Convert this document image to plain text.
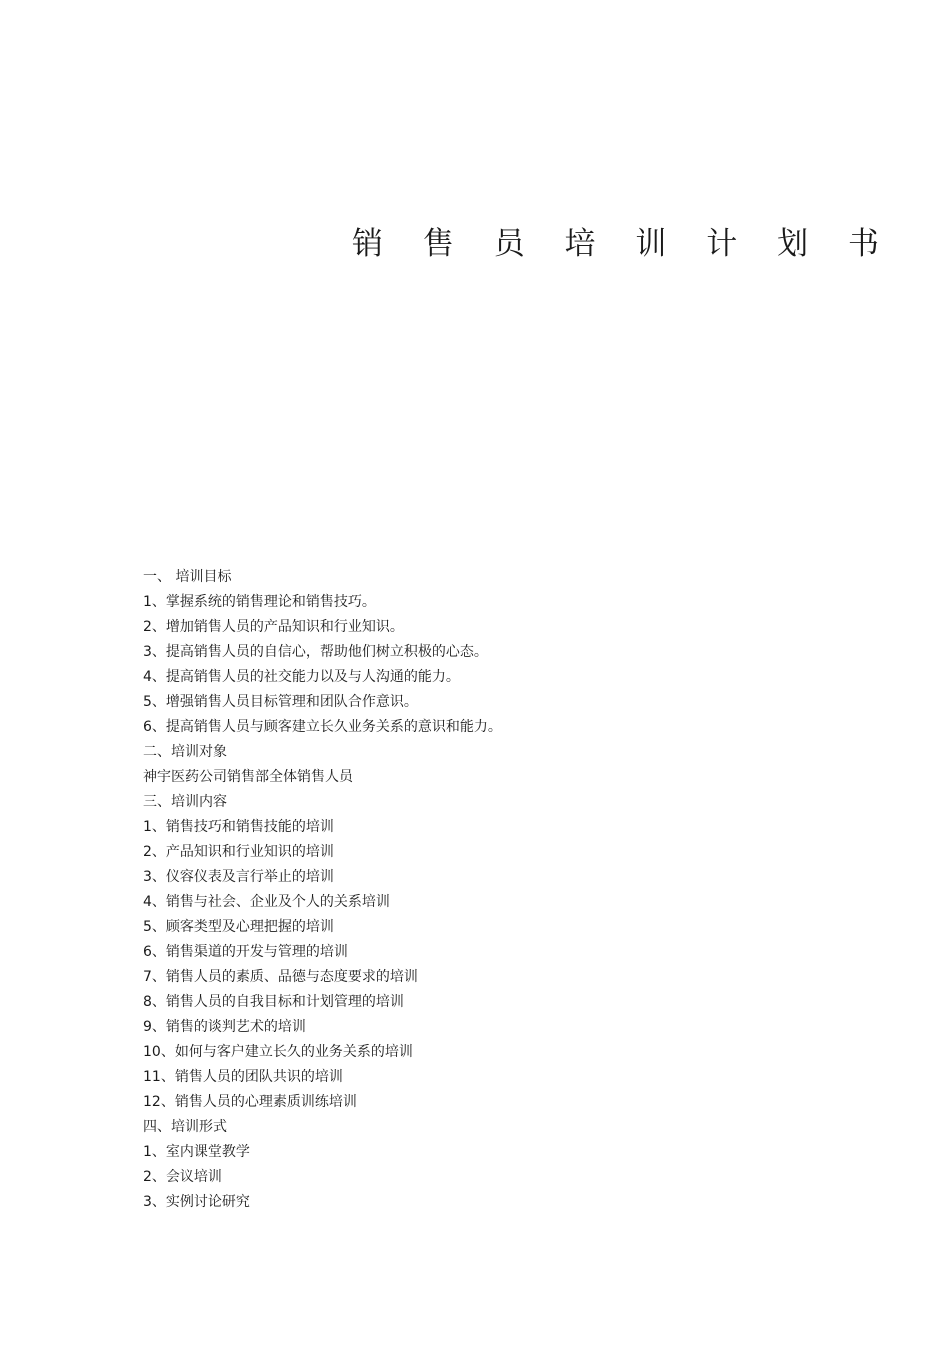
销 售 员 培 训 计 划 书
一、 培训目标
1、掌握系统的销售理论和销售技巧。
2、增加销售人员的产品知识和行业知识。
3、提高销售人员的自信心，帮助他们树立积极的心态。
4、提高销售人员的社交能力以及与人沟通的能力。
5、增强销售人员目标管理和团队合作意识。
6、提高销售人员与顾客建立长久业务关系的意识和能力。
二、培训对象
神宇医药公司销售部全体销售人员
三、培训内容
1、销售技巧和销售技能的培训
2、产品知识和行业知识的培训
3、仪容仪表及言行举止的培训
4、销售与社会、企业及个人的关系培训
5、顾客类型及心理把握的培训
6、销售渠道的开发与管理的培训
7、销售人员的素质、品德与态度要求的培训
8、销售人员的自我目标和计划管理的培训
9、销售的谈判艺术的培训
10、如何与客户建立长久的业务关系的培训
11、销售人员的团队共识的培训
12、销售人员的心理素质训练培训
四、培训形式
1、室内课堂教学
2、会议培训
3、实例讨论研究
